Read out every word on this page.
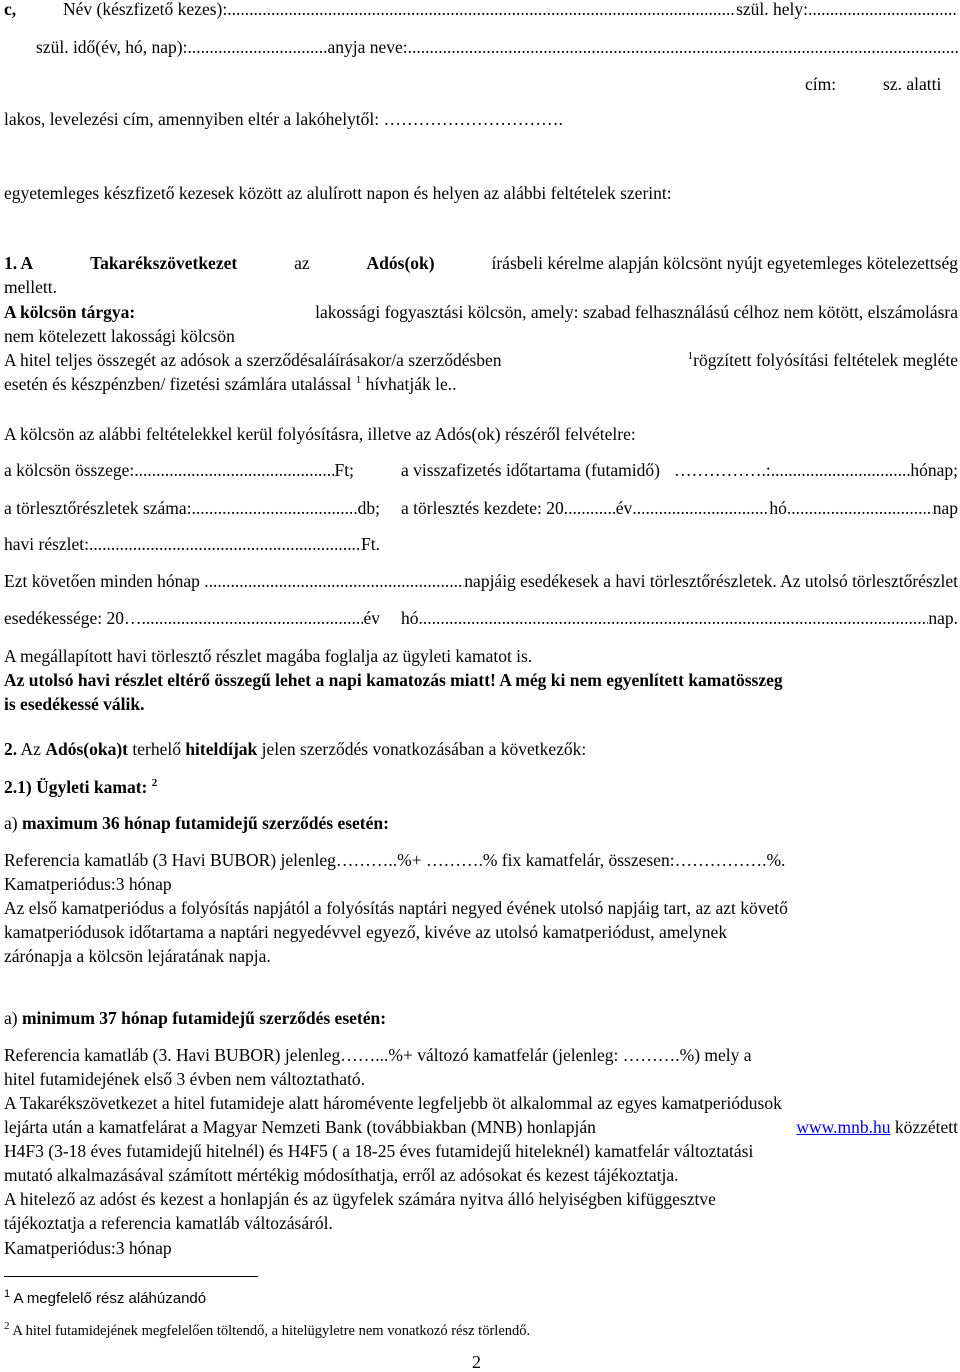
c,	Név (készfizető kezes): .....	szül. hely:
.....
szül. idő(év, hó, nap): .....	anyja neve:
.....
cím:	sz. alatti
lakos, levelezési cím, amennyiben eltér a lakóhelytől: ………………………….
egyetemleges készfizető kezesek között az alulírott napon és helyen az alábbi feltételek szerint:
1. A	Takarékszövetkezet	az	Adós(ok)	írásbeli kérelme alapján kölcsönt nyújt egyetemleges kötelezettség
mellett.
A kölcsön tárgya:	lakossági fogyasztási kölcsön, amely: szabad felhasználású célhoz nem kötött, elszámolásra
nem kötelezett lakossági kölcsön
A hitel teljes összegét az adósok a szerződésaláírásakor/a szerződésben	$^1$rögzített folyósítási feltételek megléte
esetén és készpénzben/ fizetési számlára utalással $^1$ hívhatják le..
A kölcsön az alábbi feltételekkel kerül folyósításra, illetve az Adós(ok) részéről felvételre:
a kölcsön összege: .....	Ft;	a visszafizetés időtartama (futamidő) …………….: .....	hónap;
a törlesztőrészletek száma: .....	db; a törlesztés kezdete: 20 .....	év .....	hó .....	nap
havi részlet: .....	Ft.
Ezt követően minden hónap . .....	napjáig esedékesek a havi törlesztőrészletek. Az utolsó törlesztőrészlet
esedékessége: 20…. .....	év hó .....	nap.
A megállapított havi törlesztő részlet magába foglalja az ügyleti kamatot is.
Az utolsó havi részlet eltérő összegű lehet a napi kamatozás miatt! A még ki nem egyenlített kamatösszeg
is esedékessé válik.
2. Az Adós(oka)t terhelő hiteldíjak jelen szerződés vonatkozásában a következők:
2.1) Ügyleti kamat: $^2$
a) maximum 36 hónap futamidejű szerződés esetén:
Referencia kamatláb (3 Havi BUBOR) jelenleg………..%+ ……….% fix kamatfelár, összesen:…………….%.
Kamatperiódus:3 hónap
Az első kamatperiódus a folyósítás napjától a folyósítás naptári negyed évének utolsó napjáig tart, az azt követő
kamatperiódusok időtartama a naptári negyedévvel egyező, kivéve az utolsó kamatperiódust, amelynek
zárónapja a kölcsön lejáratának napja.
a) minimum 37 hónap futamidejű szerződés esetén:
Referencia kamatláb (3. Havi BUBOR) jelenleg……...%+ változó kamatfelár (jelenleg: ……….%) mely a
hitel futamidejének első 3 évben nem változtatható.
A Takarékszövetkezet a hitel futamideje alatt háromévente legfeljebb öt alkalommal az egyes kamatperiódusok
lejárta után a kamatfelárat a Magyar Nemzeti Bank (továbbiakban (MNB) honlapján	www.mnb.hu közzétett
H4F3 (3-18 éves futamidejű hitelnél) és H4F5 ( a 18-25 éves futamidejű hiteleknél) kamatfelár változtatási
mutató alkalmazásával számított mértékig módosíthatja, erről az adósokat és kezest tájékoztatja.
A hitelező az adóst és kezest a honlapján és az ügyfelek számára nyitva álló helyiségben kifüggesztve
tájékoztatja a referencia kamatláb változásáról.
Kamatperiódus:3 hónap
$^1$ A megfelelő rész aláhúzandó
$^2$ A hitel futamidejének megfelelően töltendő, a hitelügyletre nem vonatkozó rész törlendő.
2
